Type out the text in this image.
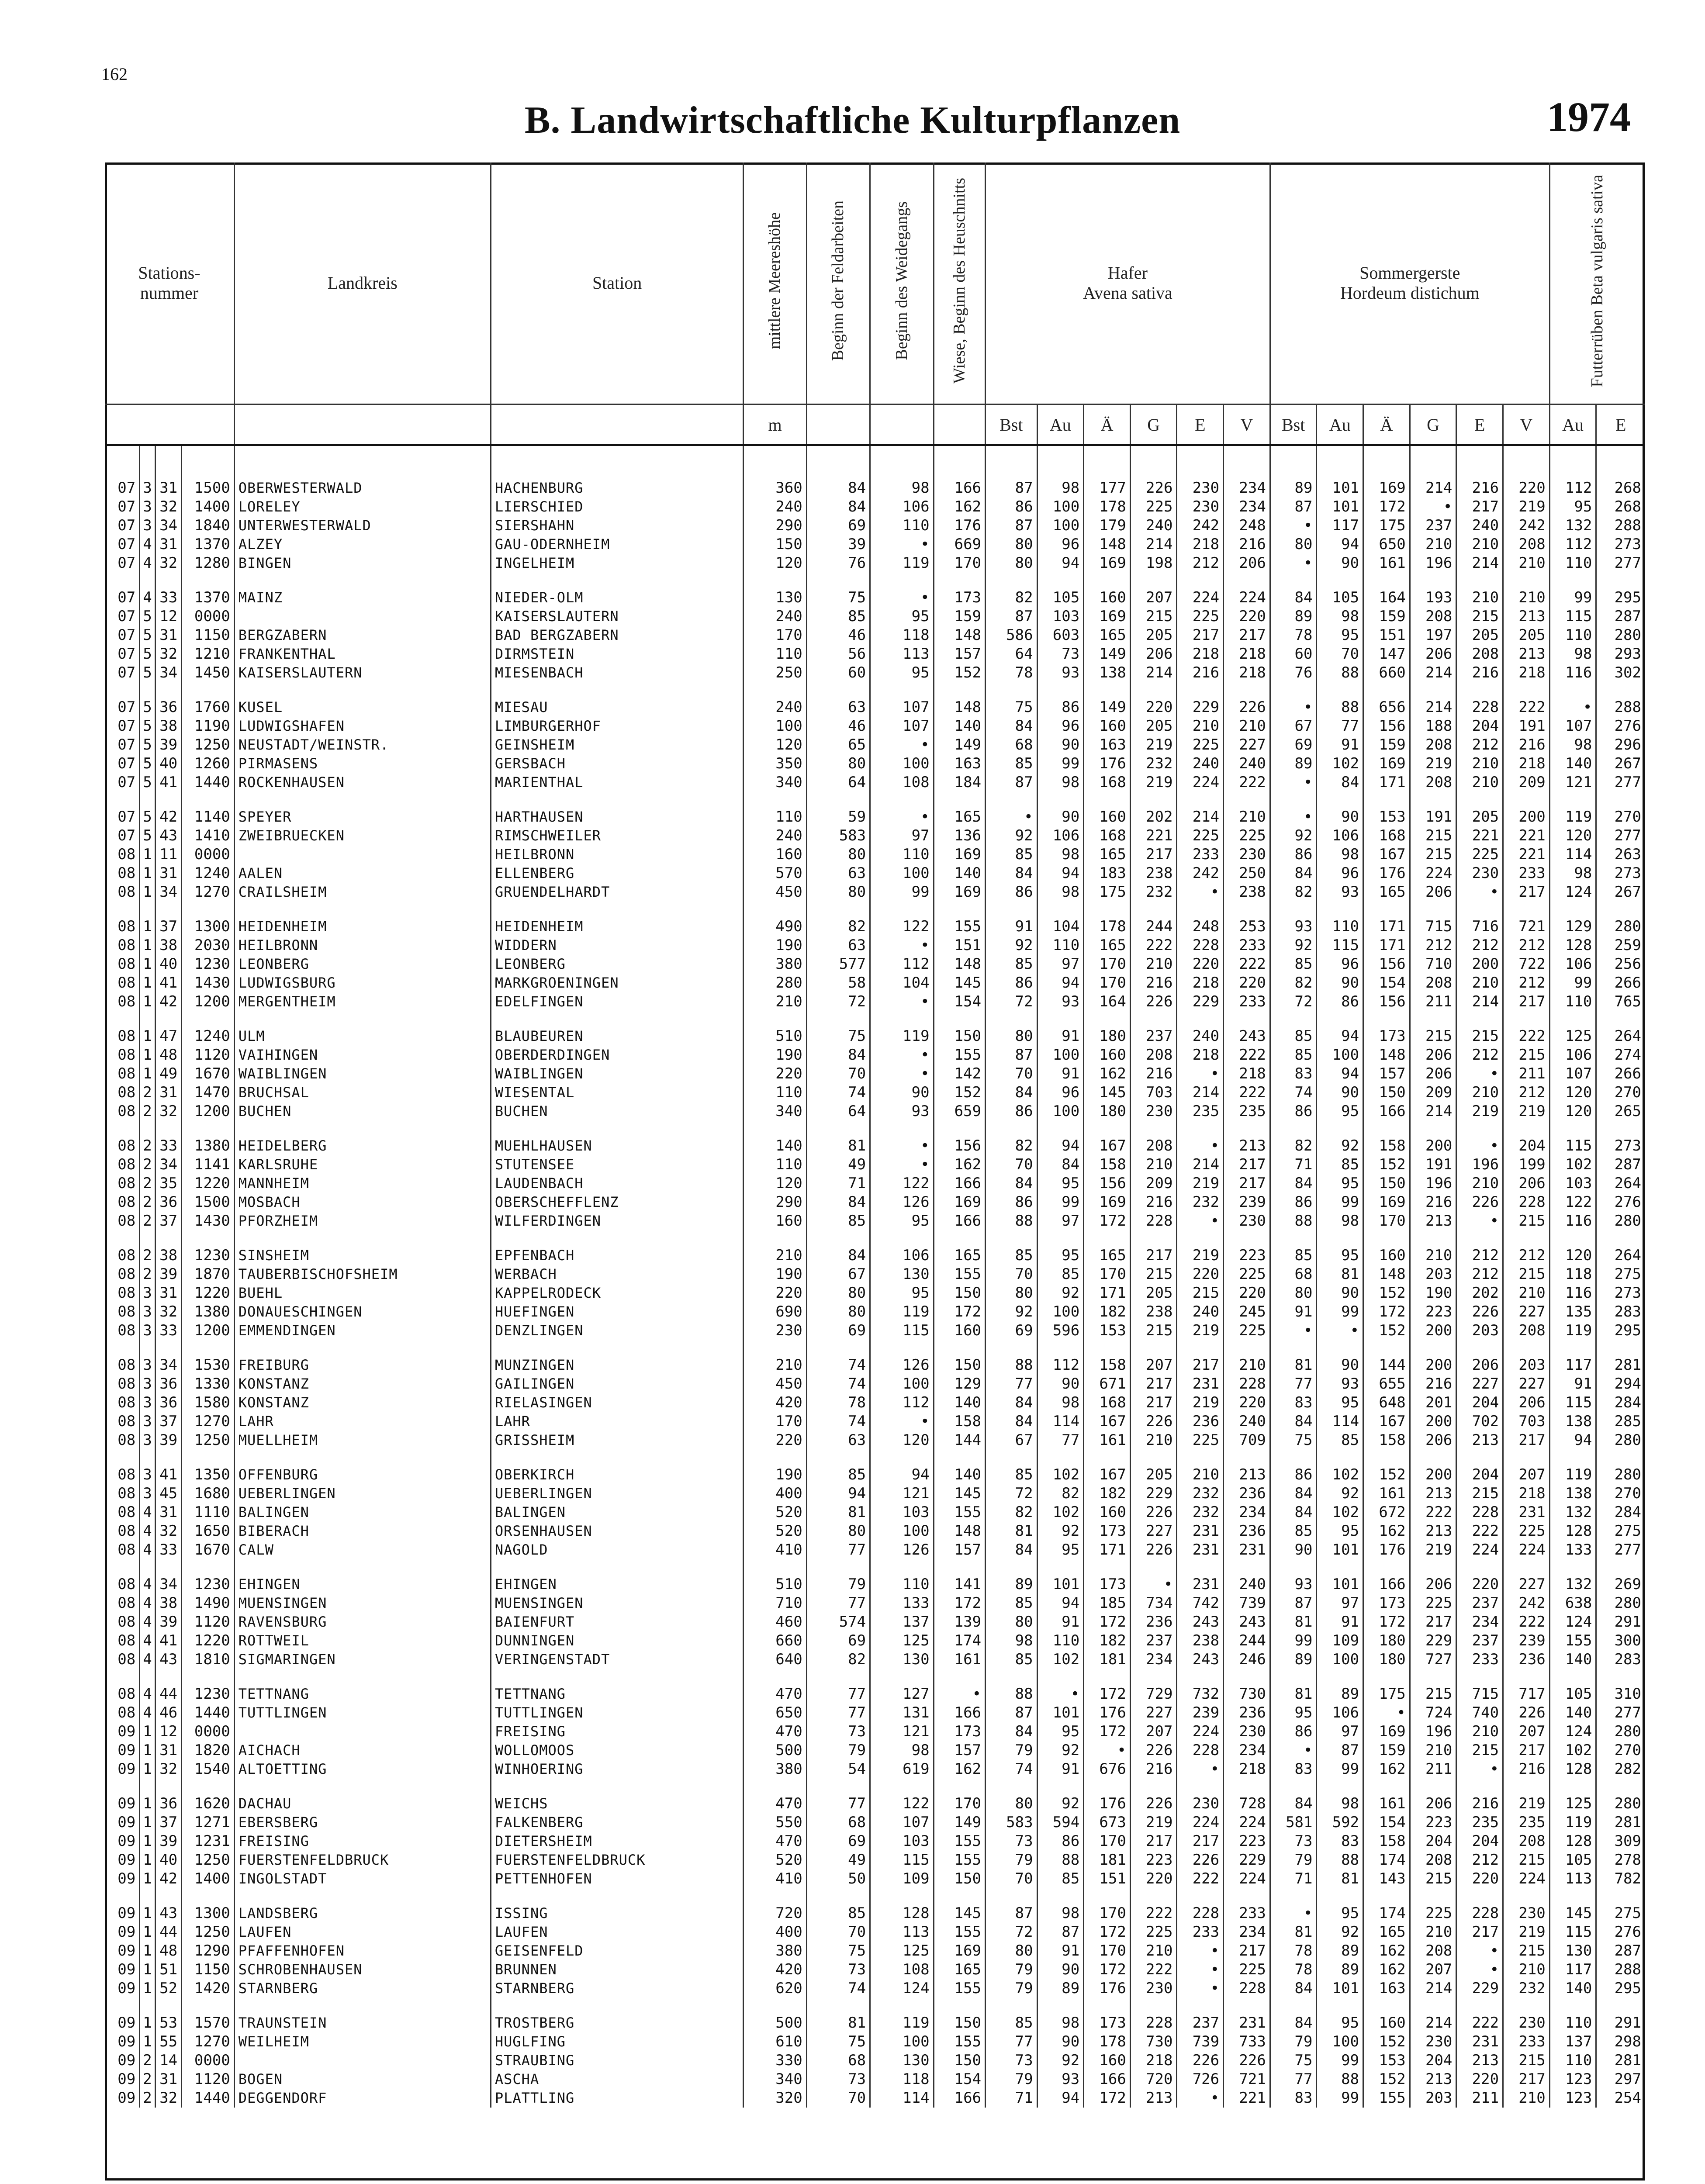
162
B. Landwirtschaftliche Kulturpflanzen	1974
Stations-
nummer				Landkreis	Station	mittlere Meereshöhe	Beginn der Feldarbeiten	Beginn des Weidegangs	Wiese, Beginn des Heuschnitts	Hafer
Avena sativa						Sommergerste
Hordeum distichum						Futterrüben Beta vulgaris sativa	
						m				Bst	Au	Ä	G	E	V	Bst	Au	Ä	G	E	V	Au	E

07	3	31	1500	OBERWESTERWALD	HACHENBURG	360	84	98	166	87	98	177	226	230	234	89	101	169	214	216	220	112	268
07	3	32	1400	LORELEY	LIERSCHIED	240	84	106	162	86	100	178	225	230	234	87	101	172	•	217	219	95	268
07	3	34	1840	UNTERWESTERWALD	SIERSHAHN	290	69	110	176	87	100	179	240	242	248	•	117	175	237	240	242	132	288
07	4	31	1370	ALZEY	GAU-ODERNHEIM	150	39	•	669	80	96	148	214	218	216	80	94	650	210	210	208	112	273
07	4	32	1280	BINGEN	INGELHEIM	120	76	119	170	80	94	169	198	212	206	•	90	161	196	214	210	110	277

07	4	33	1370	MAINZ	NIEDER-OLM	130	75	•	173	82	105	160	207	224	224	84	105	164	193	210	210	99	295
07	5	12	0000		KAISERSLAUTERN	240	85	95	159	87	103	169	215	225	220	89	98	159	208	215	213	115	287
07	5	31	1150	BERGZABERN	BAD BERGZABERN	170	46	118	148	586	603	165	205	217	217	78	95	151	197	205	205	110	280
07	5	32	1210	FRANKENTHAL	DIRMSTEIN	110	56	113	157	64	73	149	206	218	218	60	70	147	206	208	213	98	293
07	5	34	1450	KAISERSLAUTERN	MIESENBACH	250	60	95	152	78	93	138	214	216	218	76	88	660	214	216	218	116	302

07	5	36	1760	KUSEL	MIESAU	240	63	107	148	75	86	149	220	229	226	•	88	656	214	228	222	•	288
07	5	38	1190	LUDWIGSHAFEN	LIMBURGERHOF	100	46	107	140	84	96	160	205	210	210	67	77	156	188	204	191	107	276
07	5	39	1250	NEUSTADT/WEINSTR.	GEINSHEIM	120	65	•	149	68	90	163	219	225	227	69	91	159	208	212	216	98	296
07	5	40	1260	PIRMASENS	GERSBACH	350	80	100	163	85	99	176	232	240	240	89	102	169	219	210	218	140	267
07	5	41	1440	ROCKENHAUSEN	MARIENTHAL	340	64	108	184	87	98	168	219	224	222	•	84	171	208	210	209	121	277

07	5	42	1140	SPEYER	HARTHAUSEN	110	59	•	165	•	90	160	202	214	210	•	90	153	191	205	200	119	270
07	5	43	1410	ZWEIBRUECKEN	RIMSCHWEILER	240	583	97	136	92	106	168	221	225	225	92	106	168	215	221	221	120	277
08	1	11	0000		HEILBRONN	160	80	110	169	85	98	165	217	233	230	86	98	167	215	225	221	114	263
08	1	31	1240	AALEN	ELLENBERG	570	63	100	140	84	94	183	238	242	250	84	96	176	224	230	233	98	273
08	1	34	1270	CRAILSHEIM	GRUENDELHARDT	450	80	99	169	86	98	175	232	•	238	82	93	165	206	•	217	124	267

08	1	37	1300	HEIDENHEIM	HEIDENHEIM	490	82	122	155	91	104	178	244	248	253	93	110	171	715	716	721	129	280
08	1	38	2030	HEILBRONN	WIDDERN	190	63	•	151	92	110	165	222	228	233	92	115	171	212	212	212	128	259
08	1	40	1230	LEONBERG	LEONBERG	380	577	112	148	85	97	170	210	220	222	85	96	156	710	200	722	106	256
08	1	41	1430	LUDWIGSBURG	MARKGROENINGEN	280	58	104	145	86	94	170	216	218	220	82	90	154	208	210	212	99	266
08	1	42	1200	MERGENTHEIM	EDELFINGEN	210	72	•	154	72	93	164	226	229	233	72	86	156	211	214	217	110	765

08	1	47	1240	ULM	BLAUBEUREN	510	75	119	150	80	91	180	237	240	243	85	94	173	215	215	222	125	264
08	1	48	1120	VAIHINGEN	OBERDERDINGEN	190	84	•	155	87	100	160	208	218	222	85	100	148	206	212	215	106	274
08	1	49	1670	WAIBLINGEN	WAIBLINGEN	220	70	•	142	70	91	162	216	•	218	83	94	157	206	•	211	107	266
08	2	31	1470	BRUCHSAL	WIESENTAL	110	74	90	152	84	96	145	703	214	222	74	90	150	209	210	212	120	270
08	2	32	1200	BUCHEN	BUCHEN	340	64	93	659	86	100	180	230	235	235	86	95	166	214	219	219	120	265

08	2	33	1380	HEIDELBERG	MUEHLHAUSEN	140	81	•	156	82	94	167	208	•	213	82	92	158	200	•	204	115	273
08	2	34	1141	KARLSRUHE	STUTENSEE	110	49	•	162	70	84	158	210	214	217	71	85	152	191	196	199	102	287
08	2	35	1220	MANNHEIM	LAUDENBACH	120	71	122	166	84	95	156	209	219	217	84	95	150	196	210	206	103	264
08	2	36	1500	MOSBACH	OBERSCHEFFLENZ	290	84	126	169	86	99	169	216	232	239	86	99	169	216	226	228	122	276
08	2	37	1430	PFORZHEIM	WILFERDINGEN	160	85	95	166	88	97	172	228	•	230	88	98	170	213	•	215	116	280

08	2	38	1230	SINSHEIM	EPFENBACH	210	84	106	165	85	95	165	217	219	223	85	95	160	210	212	212	120	264
08	2	39	1870	TAUBERBISCHOFSHEIM	WERBACH	190	67	130	155	70	85	170	215	220	225	68	81	148	203	212	215	118	275
08	3	31	1220	BUEHL	KAPPELRODECK	220	80	95	150	80	92	171	205	215	220	80	90	152	190	202	210	116	273
08	3	32	1380	DONAUESCHINGEN	HUEFINGEN	690	80	119	172	92	100	182	238	240	245	91	99	172	223	226	227	135	283
08	3	33	1200	EMMENDINGEN	DENZLINGEN	230	69	115	160	69	596	153	215	219	225	•	•	152	200	203	208	119	295

08	3	34	1530	FREIBURG	MUNZINGEN	210	74	126	150	88	112	158	207	217	210	81	90	144	200	206	203	117	281
08	3	36	1330	KONSTANZ	GAILINGEN	450	74	100	129	77	90	671	217	231	228	77	93	655	216	227	227	91	294
08	3	36	1580	KONSTANZ	RIELASINGEN	420	78	112	140	84	98	168	217	219	220	83	95	648	201	204	206	115	284
08	3	37	1270	LAHR	LAHR	170	74	•	158	84	114	167	226	236	240	84	114	167	200	702	703	138	285
08	3	39	1250	MUELLHEIM	GRISSHEIM	220	63	120	144	67	77	161	210	225	709	75	85	158	206	213	217	94	280

08	3	41	1350	OFFENBURG	OBERKIRCH	190	85	94	140	85	102	167	205	210	213	86	102	152	200	204	207	119	280
08	3	45	1680	UEBERLINGEN	UEBERLINGEN	400	94	121	145	72	82	182	229	232	236	84	92	161	213	215	218	138	270
08	4	31	1110	BALINGEN	BALINGEN	520	81	103	155	82	102	160	226	232	234	84	102	672	222	228	231	132	284
08	4	32	1650	BIBERACH	ORSENHAUSEN	520	80	100	148	81	92	173	227	231	236	85	95	162	213	222	225	128	275
08	4	33	1670	CALW	NAGOLD	410	77	126	157	84	95	171	226	231	231	90	101	176	219	224	224	133	277

08	4	34	1230	EHINGEN	EHINGEN	510	79	110	141	89	101	173	•	231	240	93	101	166	206	220	227	132	269
08	4	38	1490	MUENSINGEN	MUENSINGEN	710	77	133	172	85	94	185	734	742	739	87	97	173	225	237	242	638	280
08	4	39	1120	RAVENSBURG	BAIENFURT	460	574	137	139	80	91	172	236	243	243	81	91	172	217	234	222	124	291
08	4	41	1220	ROTTWEIL	DUNNINGEN	660	69	125	174	98	110	182	237	238	244	99	109	180	229	237	239	155	300
08	4	43	1810	SIGMARINGEN	VERINGENSTADT	640	82	130	161	85	102	181	234	243	246	89	100	180	727	233	236	140	283

08	4	44	1230	TETTNANG	TETTNANG	470	77	127	•	88	•	172	729	732	730	81	89	175	215	715	717	105	310
08	4	46	1440	TUTTLINGEN	TUTTLINGEN	650	77	131	166	87	101	176	227	239	236	95	106	•	724	740	226	140	277
09	1	12	0000		FREISING	470	73	121	173	84	95	172	207	224	230	86	97	169	196	210	207	124	280
09	1	31	1820	AICHACH	WOLLOMOOS	500	79	98	157	79	92	•	226	228	234	•	87	159	210	215	217	102	270
09	1	32	1540	ALTOETTING	WINHOERING	380	54	619	162	74	91	676	216	•	218	83	99	162	211	•	216	128	282

09	1	36	1620	DACHAU	WEICHS	470	77	122	170	80	92	176	226	230	728	84	98	161	206	216	219	125	280
09	1	37	1271	EBERSBERG	FALKENBERG	550	68	107	149	583	594	673	219	224	224	581	592	154	223	235	235	119	281
09	1	39	1231	FREISING	DIETERSHEIM	470	69	103	155	73	86	170	217	217	223	73	83	158	204	204	208	128	309
09	1	40	1250	FUERSTENFELDBRUCK	FUERSTENFELDBRUCK	520	49	115	155	79	88	181	223	226	229	79	88	174	208	212	215	105	278
09	1	42	1400	INGOLSTADT	PETTENHOFEN	410	50	109	150	70	85	151	220	222	224	71	81	143	215	220	224	113	782

09	1	43	1300	LANDSBERG	ISSING	720	85	128	145	87	98	170	222	228	233	•	95	174	225	228	230	145	275
09	1	44	1250	LAUFEN	LAUFEN	400	70	113	155	72	87	172	225	233	234	81	92	165	210	217	219	115	276
09	1	48	1290	PFAFFENHOFEN	GEISENFELD	380	75	125	169	80	91	170	210	•	217	78	89	162	208	•	215	130	287
09	1	51	1150	SCHROBENHAUSEN	BRUNNEN	420	73	108	165	79	90	172	222	•	225	78	89	162	207	•	210	117	288
09	1	52	1420	STARNBERG	STARNBERG	620	74	124	155	79	89	176	230	•	228	84	101	163	214	229	232	140	295

09	1	53	1570	TRAUNSTEIN	TROSTBERG	500	81	119	150	85	98	173	228	237	231	84	95	160	214	222	230	110	291
09	1	55	1270	WEILHEIM	HUGLFING	610	75	100	155	77	90	178	730	739	733	79	100	152	230	231	233	137	298
09	2	14	0000		STRAUBING	330	68	130	150	73	92	160	218	226	226	75	99	153	204	213	215	110	281
09	2	31	1120	BOGEN	ASCHA	340	73	118	154	79	93	166	720	726	721	77	88	152	213	220	217	123	297
09	2	32	1440	DEGGENDORF	PLATTLING	320	70	114	166	71	94	172	213	•	221	83	99	155	203	211	210	123	254
